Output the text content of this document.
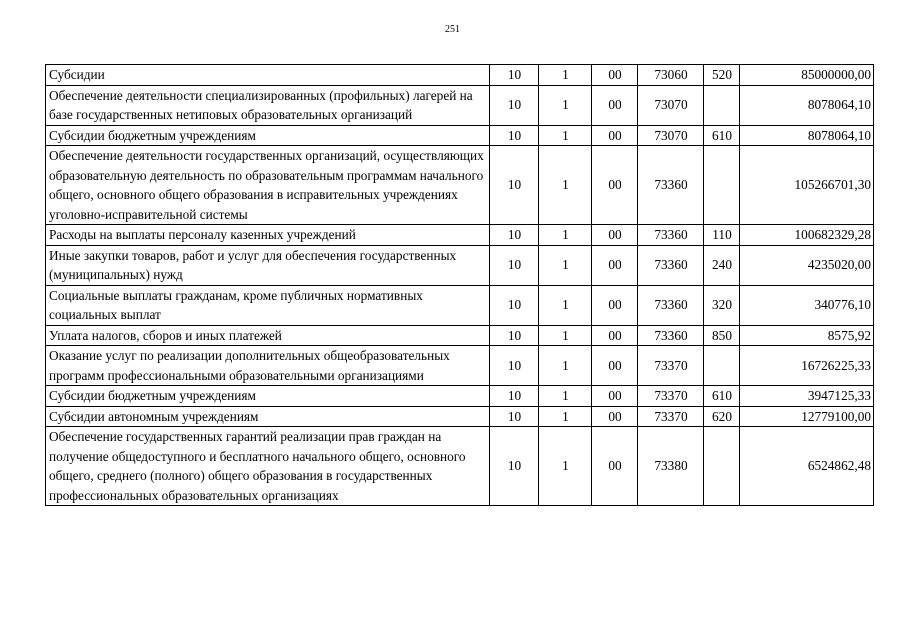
251
Субсидии	10	1	00	73060	520	85000000,00
Обеспечение деятельности специализированных (профильных) лагерей на базе государственных нетиповых образовательных организаций	10	1	00	73070		8078064,10
Субсидии бюджетным учреждениям	10	1	00	73070	610	8078064,10
Обеспечение деятельности государственных организаций, осуществляющих образовательную деятельность по образовательным программам начального общего, основного общего образования в исправительных учреждениях уголовно-исправительной системы	10	1	00	73360		105266701,30
Расходы на выплаты персоналу казенных учреждений	10	1	00	73360	110	100682329,28
Иные закупки товаров, работ и услуг для обеспечения государственных (муниципальных) нужд	10	1	00	73360	240	4235020,00
Социальные выплаты гражданам, кроме публичных нормативных социальных выплат	10	1	00	73360	320	340776,10
Уплата налогов, сборов и иных платежей	10	1	00	73360	850	8575,92
Оказание услуг по реализации дополнительных общеобразовательных программ профессиональными образовательными организациями	10	1	00	73370		16726225,33
Субсидии бюджетным учреждениям	10	1	00	73370	610	3947125,33
Субсидии автономным учреждениям	10	1	00	73370	620	12779100,00
Обеспечение государственных гарантий реализации прав граждан на получение общедоступного и бесплатного начального общего, основного общего, среднего (полного) общего образования в государственных профессиональных образовательных организациях	10	1	00	73380		6524862,48
